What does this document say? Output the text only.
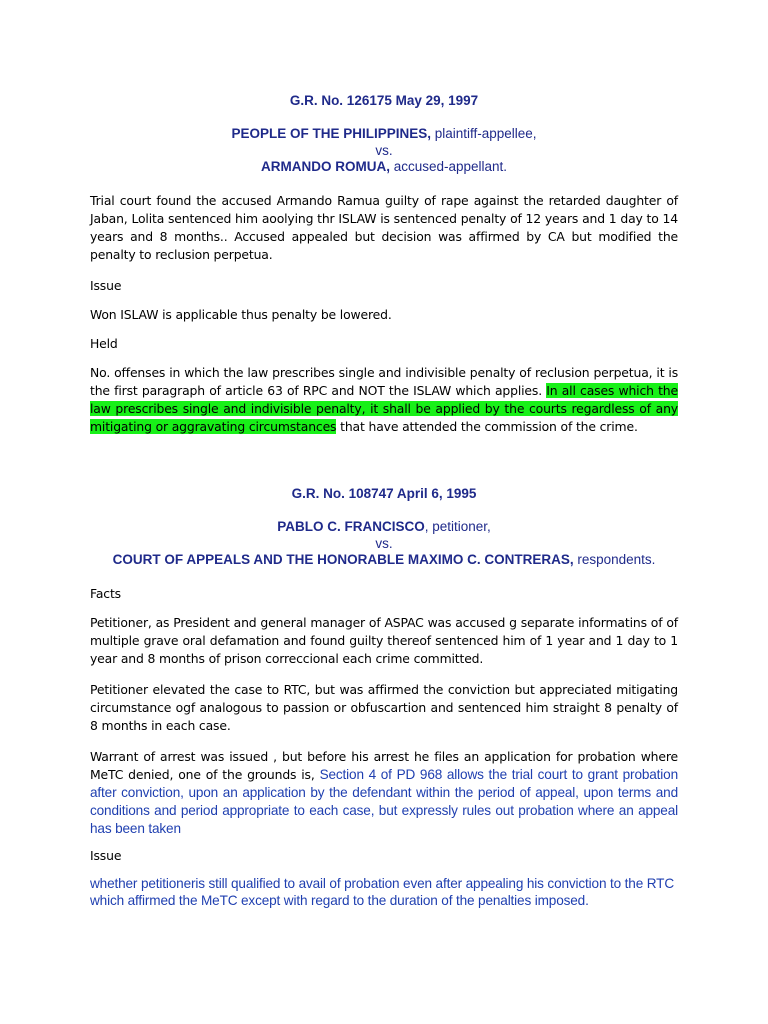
G.R. No. 126175 May 29, 1997
PEOPLE OF THE PHILIPPINES, plaintiff-appellee,
vs.
ARMANDO ROMUA, accused-appellant.

Trial court found the accused Armando Ramua guilty of rape against the retarded daughter of Jaban, Lolita sentenced him aoolying thr ISLAW is sentenced penalty of 12 years and 1 day to 14 years and 8 months.. Accused appealed but decision was affirmed by CA but modified the penalty to reclusion perpetua.

Issue

Won ISLAW is applicable thus penalty be lowered.

Held

No. offenses in which the law prescribes single and indivisible penalty of reclusion perpetua, it is the first paragraph of article 63 of RPC and NOT the ISLAW which applies. In all cases which the law prescribes single and indivisible penalty, it shall be applied by the courts regardless of any mitigating or aggravating circumstances that have attended the commission of the crime.

G.R. No. 108747 April 6, 1995
PABLO C. FRANCISCO, petitioner,
vs.
COURT OF APPEALS AND THE HONORABLE MAXIMO C. CONTRERAS, respondents.

Facts

Petitioner, as President and general manager of ASPAC was accused g separate informatins of of multiple grave oral defamation and found guilty thereof sentenced him of 1 year and 1 day to 1 year and 8 months of prison correccional each crime committed.

Petitioner elevated the case to RTC, but was affirmed the conviction but appreciated mitigating circumstance ogf analogous to passion or obfuscartion and sentenced him straight 8 penalty of 8 months in each case.

Warrant of arrest was issued , but before his arrest he files an application for probation where MeTC denied, one of the grounds is, Section 4 of PD 968 allows the trial court to grant probation after conviction, upon an application by the defendant within the period of appeal, upon terms and conditions and period appropriate to each case, but expressly rules out probation where an appeal has been taken

Issue

whether petitioneris still qualified to avail of probation even after appealing his conviction to the RTC which affirmed the MeTC except with regard to the duration of the penalties imposed.
